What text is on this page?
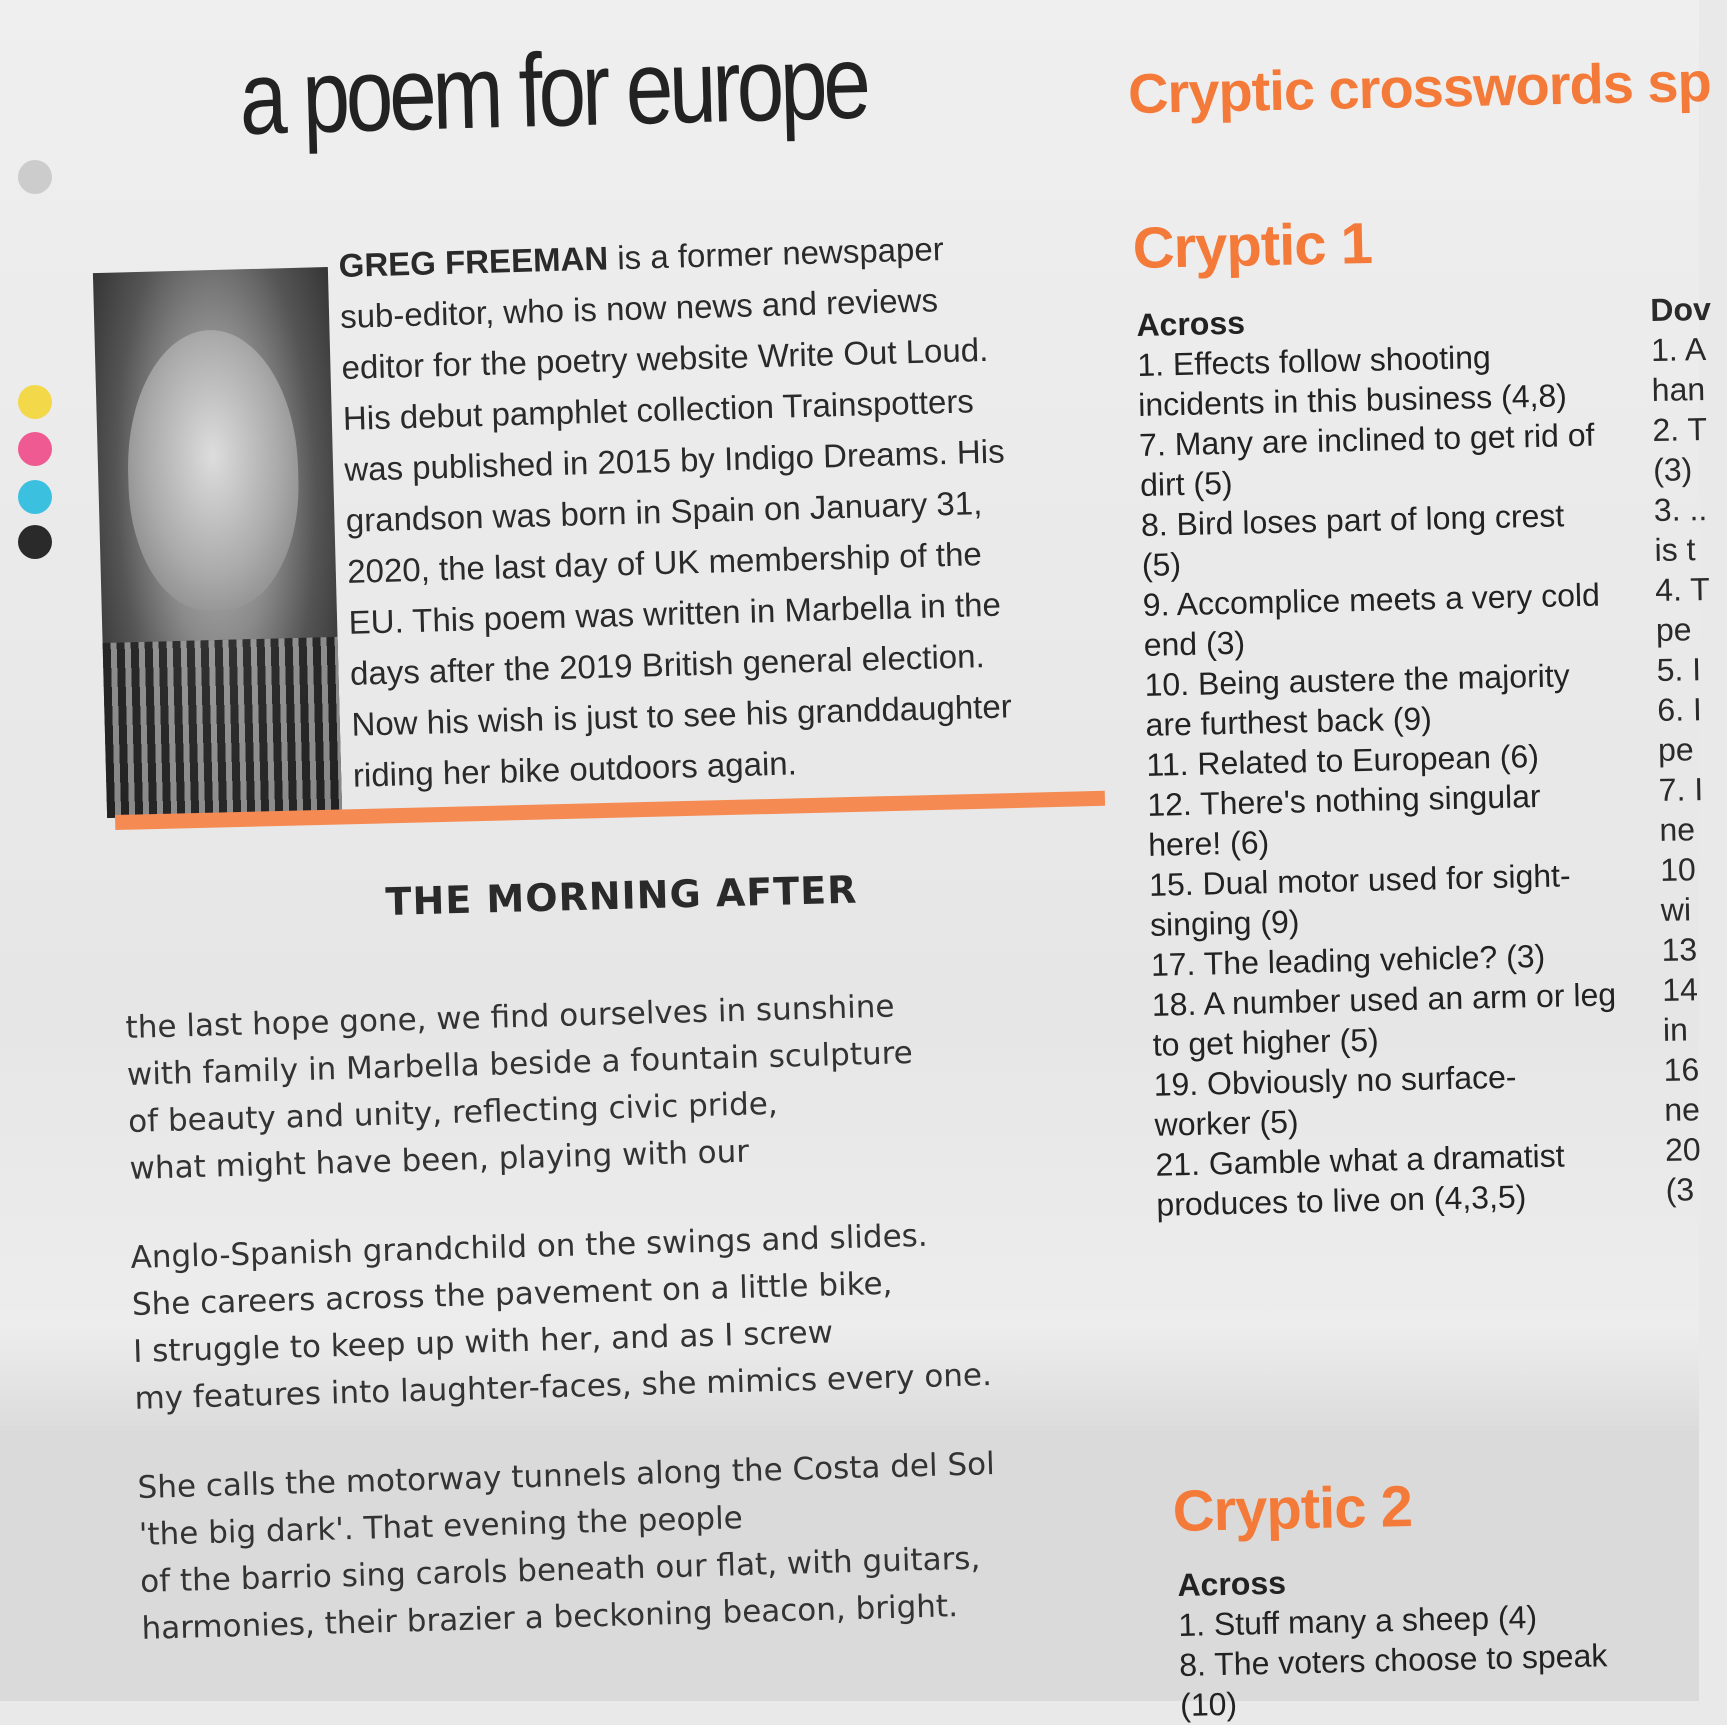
a poem for europe	Cryptic crosswords sp
GREG FREEMAN is a former newspaper
sub-editor, who is now news and reviews
editor for the poetry website Write Out Loud.
His debut pamphlet collection Trainspotters
was published in 2015 by Indigo Dreams. His
grandson was born in Spain on January 31,
2020, the last day of UK membership of the
EU. This poem was written in Marbella in the
days after the 2019 British general election.
Now his wish is just to see his granddaughter
riding her bike outdoors again.
THE MORNING AFTER
the last hope gone, we find ourselves in sunshine
with family in Marbella beside a fountain sculpture
of beauty and unity, reflecting civic pride,
what might have been, playing with our
Anglo-Spanish grandchild on the swings and slides.
She careers across the pavement on a little bike,
I struggle to keep up with her, and as I screw
my features into laughter-faces, she mimics every one.
She calls the motorway tunnels along the Costa del Sol
'the big dark'. That evening the people
of the barrio sing carols beneath our flat, with guitars,
harmonies, their brazier a beckoning beacon, bright.
Cryptic 1
Across
1. Effects follow shooting
incidents in this business (4,8)
7. Many are inclined to get rid of
dirt (5)
8. Bird loses part of long crest
(5)
9. Accomplice meets a very cold
end (3)
10. Being austere the majority
are furthest back (9)
11. Related to European (6)
12. There's nothing singular
here! (6)
15. Dual motor used for sight-
singing (9)
17. The leading vehicle? (3)
18. A number used an arm or leg
to get higher (5)
19. Obviously no surface-
worker (5)
21. Gamble what a dramatist
produces to live on (4,3,5)
Dov
1. A
han
2. T
(3)
3. ..
is t
4. T
pe
5. I
6. I
pe
7. I
ne
10
wi
13
14
in
16
ne
20
(3
Cryptic 2
Across
1. Stuff many a sheep (4)
8. The voters choose to speak
(10)
